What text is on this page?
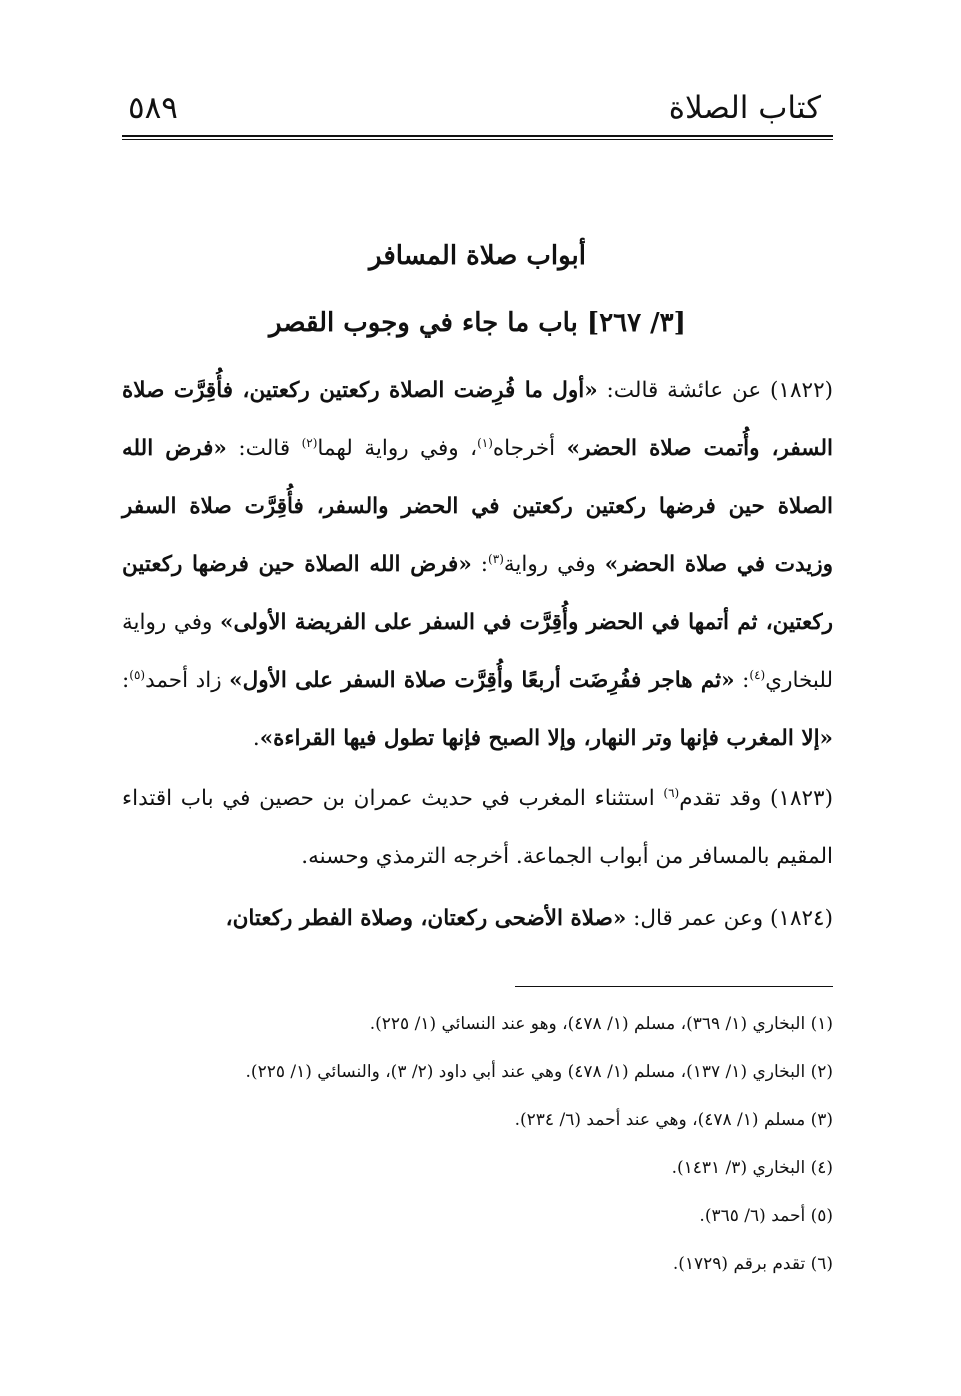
كتاب الصلاة
٥٨٩
أبواب صلاة المسافر
[٣/ ٢٦٧] باب ما جاء في وجوب القصر

(١٨٢٢) عن عائشة قالت: «أول ما فُرِضت الصلاة ركعتين ركعتين، فأُقِرَّت صلاة السفر، وأُتمت صلاة الحضر» أخرجاه$^{(١)}$، وفي رواية لهما$^{(٢)}$ قالت: «فرض الله الصلاة حين فرضها ركعتين ركعتين في الحضر والسفر، فأُقِرَّت صلاة السفر وزيدت في صلاة الحضر» وفي رواية$^{(٣)}$: «فرض الله الصلاة حين فرضها ركعتين ركعتين، ثم أتمها في الحضر وأُقِرَّت في السفر على الفريضة الأولى» وفي رواية للبخاري$^{(٤)}$: «ثم هاجر ففُرِضَت أربعًا وأُقِرَّت صلاة السفر على الأول» زاد أحمد$^{(٥)}$: «إلا المغرب فإنها وتر النهار، وإلا الصبح فإنها تطول فيها القراءة».

(١٨٢٣) وقد تقدم$^{(٦)}$ استثناء المغرب في حديث عمران بن حصين في باب اقتداء المقيم بالمسافر من أبواب الجماعة. أخرجه الترمذي وحسنه.

(١٨٢٤) وعن عمر قال: «صلاة الأضحى ركعتان، وصلاة الفطر ركعتان،

(١) البخاري (١/ ٣٦٩)، مسلم (١/ ٤٧٨)، وهو عند النسائي (١/ ٢٢٥).
(٢) البخاري (١/ ١٣٧)، مسلم (١/ ٤٧٨) وهي عند أبي داود (٢/ ٣)، والنسائي (١/ ٢٢٥).
(٣) مسلم (١/ ٤٧٨)، وهي عند أحمد (٦/ ٢٣٤).
(٤) البخاري (٣/ ١٤٣١).
(٥) أحمد (٦/ ٣٦٥).
(٦) تقدم برقم (١٧٢٩).
